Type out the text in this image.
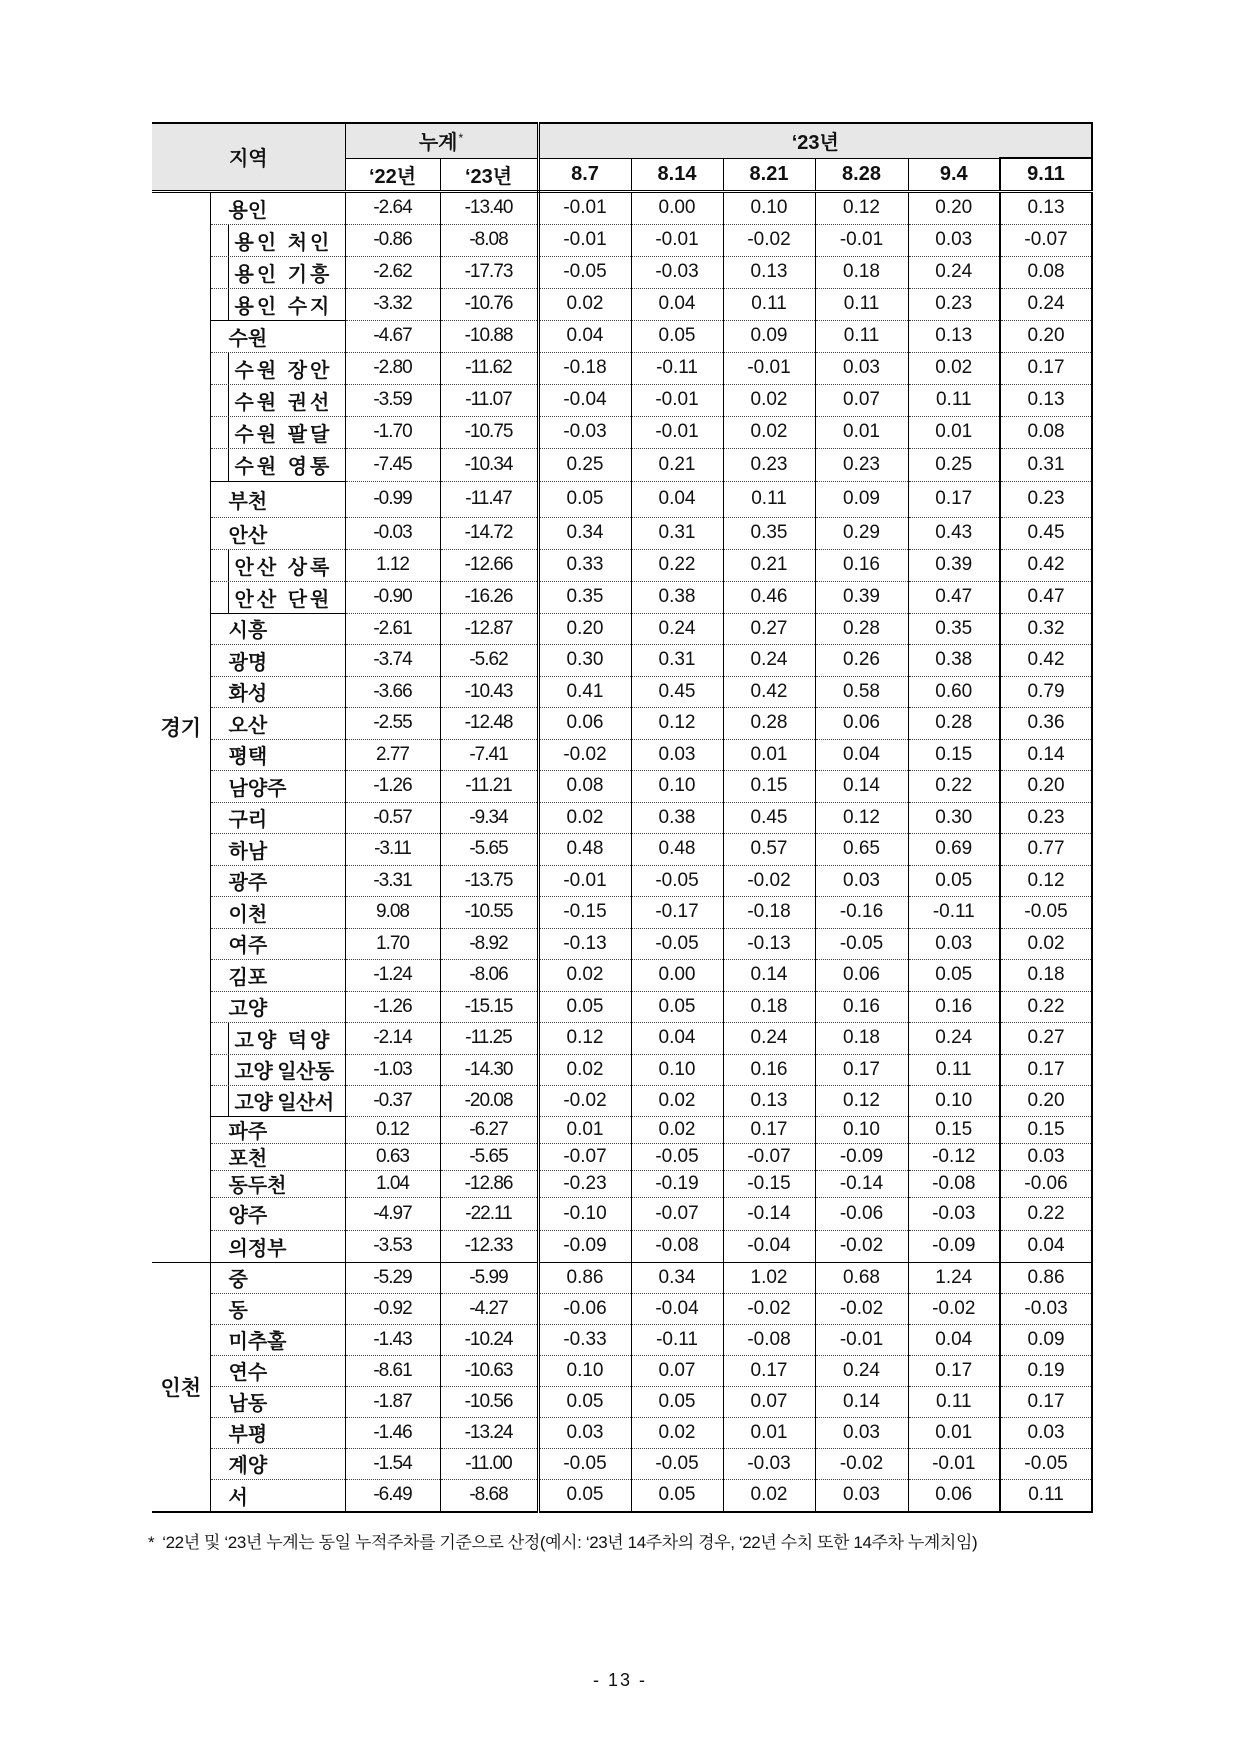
지역		누계*		‘23년					
		‘22년	‘23년	8.7	8.14	8.21	8.28	9.4	9.11
경기	용인	-2.64	-13.40	-0.01	0.00	0.10	0.12	0.20	0.13

용인 처인	-0.86	-8.08	-0.01	-0.01	-0.02	-0.01	0.03	-0.07

용인 기흥	-2.62	-17.73	-0.05	-0.03	0.13	0.18	0.24	0.08

용인 수지	-3.32	-10.76	0.02	0.04	0.11	0.11	0.23	0.24

수원	-4.67	-10.88	0.04	0.05	0.09	0.11	0.13	0.20

수원 장안	-2.80	-11.62	-0.18	-0.11	-0.01	0.03	0.02	0.17

수원 권선	-3.59	-11.07	-0.04	-0.01	0.02	0.07	0.11	0.13

수원 팔달	-1.70	-10.75	-0.03	-0.01	0.02	0.01	0.01	0.08

수원 영통	-7.45	-10.34	0.25	0.21	0.23	0.23	0.25	0.31

부천	-0.99	-11.47	0.05	0.04	0.11	0.09	0.17	0.23

안산	-0.03	-14.72	0.34	0.31	0.35	0.29	0.43	0.45

안산 상록	1.12	-12.66	0.33	0.22	0.21	0.16	0.39	0.42

안산 단원	-0.90	-16.26	0.35	0.38	0.46	0.39	0.47	0.47

시흥	-2.61	-12.87	0.20	0.24	0.27	0.28	0.35	0.32

광명	-3.74	-5.62	0.30	0.31	0.24	0.26	0.38	0.42

화성	-3.66	-10.43	0.41	0.45	0.42	0.58	0.60	0.79

오산	-2.55	-12.48	0.06	0.12	0.28	0.06	0.28	0.36

평택	2.77	-7.41	-0.02	0.03	0.01	0.04	0.15	0.14

남양주	-1.26	-11.21	0.08	0.10	0.15	0.14	0.22	0.20

구리	-0.57	-9.34	0.02	0.38	0.45	0.12	0.30	0.23

하남	-3.11	-5.65	0.48	0.48	0.57	0.65	0.69	0.77

광주	-3.31	-13.75	-0.01	-0.05	-0.02	0.03	0.05	0.12

이천	9.08	-10.55	-0.15	-0.17	-0.18	-0.16	-0.11	-0.05

여주	1.70	-8.92	-0.13	-0.05	-0.13	-0.05	0.03	0.02

김포	-1.24	-8.06	0.02	0.00	0.14	0.06	0.05	0.18

고양	-1.26	-15.15	0.05	0.05	0.18	0.16	0.16	0.22

고양 덕양	-2.14	-11.25	0.12	0.04	0.24	0.18	0.24	0.27

고양 일산동	-1.03	-14.30	0.02	0.10	0.16	0.17	0.11	0.17

고양 일산서	-0.37	-20.08	-0.02	0.02	0.13	0.12	0.10	0.20

파주	0.12	-6.27	0.01	0.02	0.17	0.10	0.15	0.15

포천	0.63	-5.65	-0.07	-0.05	-0.07	-0.09	-0.12	0.03

동두천	1.04	-12.86	-0.23	-0.19	-0.15	-0.14	-0.08	-0.06

양주	-4.97	-22.11	-0.10	-0.07	-0.14	-0.06	-0.03	0.22

의정부	-3.53	-12.33	-0.09	-0.08	-0.04	-0.02	-0.09	0.04
인천	중	-5.29	-5.99	0.86	0.34	1.02	0.68	1.24	0.86

동	-0.92	-4.27	-0.06	-0.04	-0.02	-0.02	-0.02	-0.03

미추홀	-1.43	-10.24	-0.33	-0.11	-0.08	-0.01	0.04	0.09

연수	-8.61	-10.63	0.10	0.07	0.17	0.24	0.17	0.19

남동	-1.87	-10.56	0.05	0.05	0.07	0.14	0.11	0.17

부평	-1.46	-13.24	0.03	0.02	0.01	0.03	0.01	0.03

계양	-1.54	-11.00	-0.05	-0.05	-0.03	-0.02	-0.01	-0.05

서	-6.49	-8.68	0.05	0.05	0.02	0.03	0.06	0.11
* ‘22년 및 ‘23년 누계는 동일 누적주차를 기준으로 산정(예시: ‘23년 14주차의 경우, ‘22년 수치 또한 14주차 누계치임)
- 13 -
